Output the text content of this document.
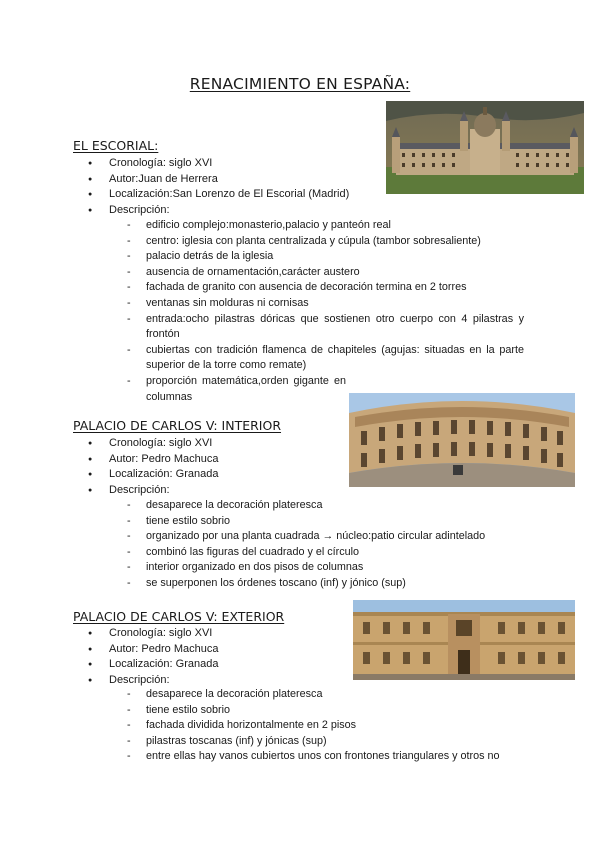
RENACIMIENTO EN ESPAÑA:
EL ESCORIAL:
● Cronología: siglo XVI
● Autor:Juan de Herrera
● Localización:San Lorenzo de El Escorial (Madrid)
● Descripción:
- edificio complejo:monasterio,palacio y panteón real
- centro: iglesia con planta centralizada y cúpula (tambor sobresaliente)
- palacio detrás de la iglesia
- ausencia de ornamentación,carácter austero
- fachada de granito con ausencia de decoración termina en 2 torres
- ventanas sin molduras ni cornisas
- entrada:ocho pilastras dóricas que sostienen otro cuerpo con 4 pilastras y frontón
- cubiertas con tradición flamenca de chapiteles (agujas: situadas en la parte superior de la torre como remate)
- proporción matemática,orden gigante en columnas
PALACIO DE CARLOS V: INTERIOR
● Cronología: siglo XVI
● Autor: Pedro Machuca
● Localización: Granada
● Descripción:
- desaparece la decoración plateresca
- tiene estilo sobrio
- organizado por una planta cuadrada → núcleo:patio circular adintelado
- combinó las figuras del cuadrado y el círculo
- interior organizado en dos pisos de columnas
- se superponen los órdenes toscano (inf) y jónico (sup)
PALACIO DE CARLOS V: EXTERIOR
● Cronología: siglo XVI
● Autor: Pedro Machuca
● Localización: Granada
● Descripción:
- desaparece la decoración plateresca
- tiene estilo sobrio
- fachada dividida horizontalmente en 2 pisos
- pilastras toscanas (inf) y jónicas (sup)
- entre ellas hay vanos cubiertos unos con frontones triangulares y otros no
